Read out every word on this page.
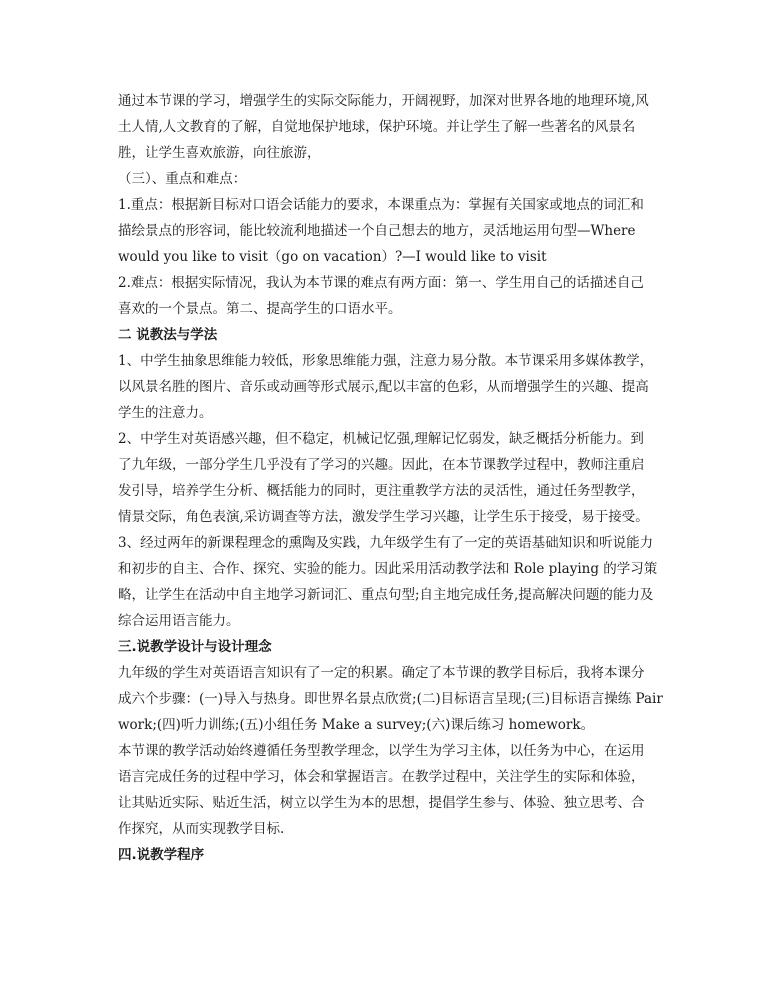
通过本节课的学习，增强学生的实际交际能力，开阔视野，加深对世界各地的地理环境,风
土人情,人文教育的了解，自觉地保护地球，保护环境。并让学生了解一些著名的风景名
胜，让学生喜欢旅游，向往旅游，
（三）、重点和难点：
1.重点：根据新目标对口语会话能力的要求，本课重点为：掌握有关国家或地点的词汇和
描绘景点的形容词，能比较流利地描述一个自己想去的地方，灵活地运用句型—Where
would you like to visit（go on vacation）?—I would like to visit
2.难点：根据实际情况，我认为本节课的难点有两方面：第一、学生用自己的话描述自己
喜欢的一个景点。第二、提高学生的口语水平。
二 说教法与学法
1、中学生抽象思维能力较低，形象思维能力强，注意力易分散。本节课采用多媒体教学，
以风景名胜的图片、音乐或动画等形式展示,配以丰富的色彩，从而增强学生的兴趣、提高
学生的注意力。
2、中学生对英语感兴趣，但不稳定，机械记忆强,理解记忆弱发，缺乏概括分析能力。到
了九年级，一部分学生几乎没有了学习的兴趣。因此，在本节课教学过程中，教师注重启
发引导，培养学生分析、概括能力的同时，更注重教学方法的灵活性，通过任务型教学，
情景交际，角色表演,采访调查等方法，激发学生学习兴趣，让学生乐于接受，易于接受。
3、经过两年的新课程理念的熏陶及实践，九年级学生有了一定的英语基础知识和听说能力
和初步的自主、合作、探究、实验的能力。因此采用活动教学法和 Role playing 的学习策
略，让学生在活动中自主地学习新词汇、重点句型;自主地完成任务,提高解决问题的能力及
综合运用语言能力。
三.说教学设计与设计理念
九年级的学生对英语语言知识有了一定的积累。确定了本节课的教学目标后，我将本课分
成六个步骤：(一)导入与热身。即世界名景点欣赏;(二)目标语言呈现;(三)目标语言操练 Pair
work;(四)听力训练;(五)小组任务 Make a survey;(六)课后练习 homework。
本节课的教学活动始终遵循任务型教学理念，以学生为学习主体，以任务为中心，在运用
语言完成任务的过程中学习，体会和掌握语言。在教学过程中，关注学生的实际和体验，
让其贴近实际、贴近生活，树立以学生为本的思想，提倡学生参与、体验、独立思考、合
作探究，从而实现教学目标.
四.说教学程序
